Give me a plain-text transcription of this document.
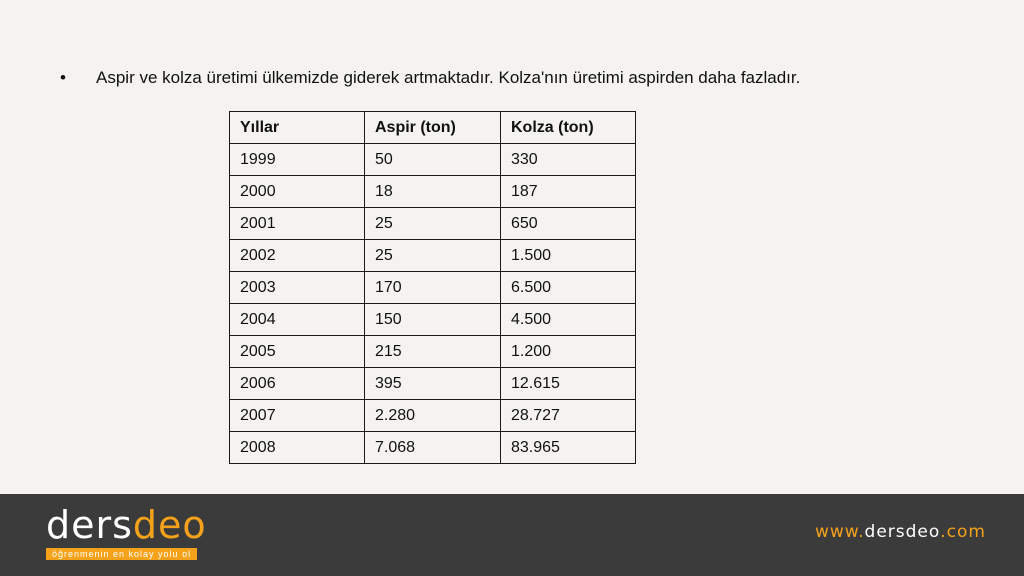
•	Aspir ve kolza üretimi ülkemizde giderek artmaktadır. Kolza'nın üretimi aspirden daha fazladır.
Yıllar	Aspir (ton)	Kolza (ton)
1999	50	330
2000	18	187
2001	25	650
2002	25	1.500
2003	170	6.500
2004	150	4.500
2005	215	1.200
2006	395	12.615
2007	2.280	28.727
2008	7.068	83.965
ders deo
öğrenmenin en kolay yolu ol
www. dersdeo .com
